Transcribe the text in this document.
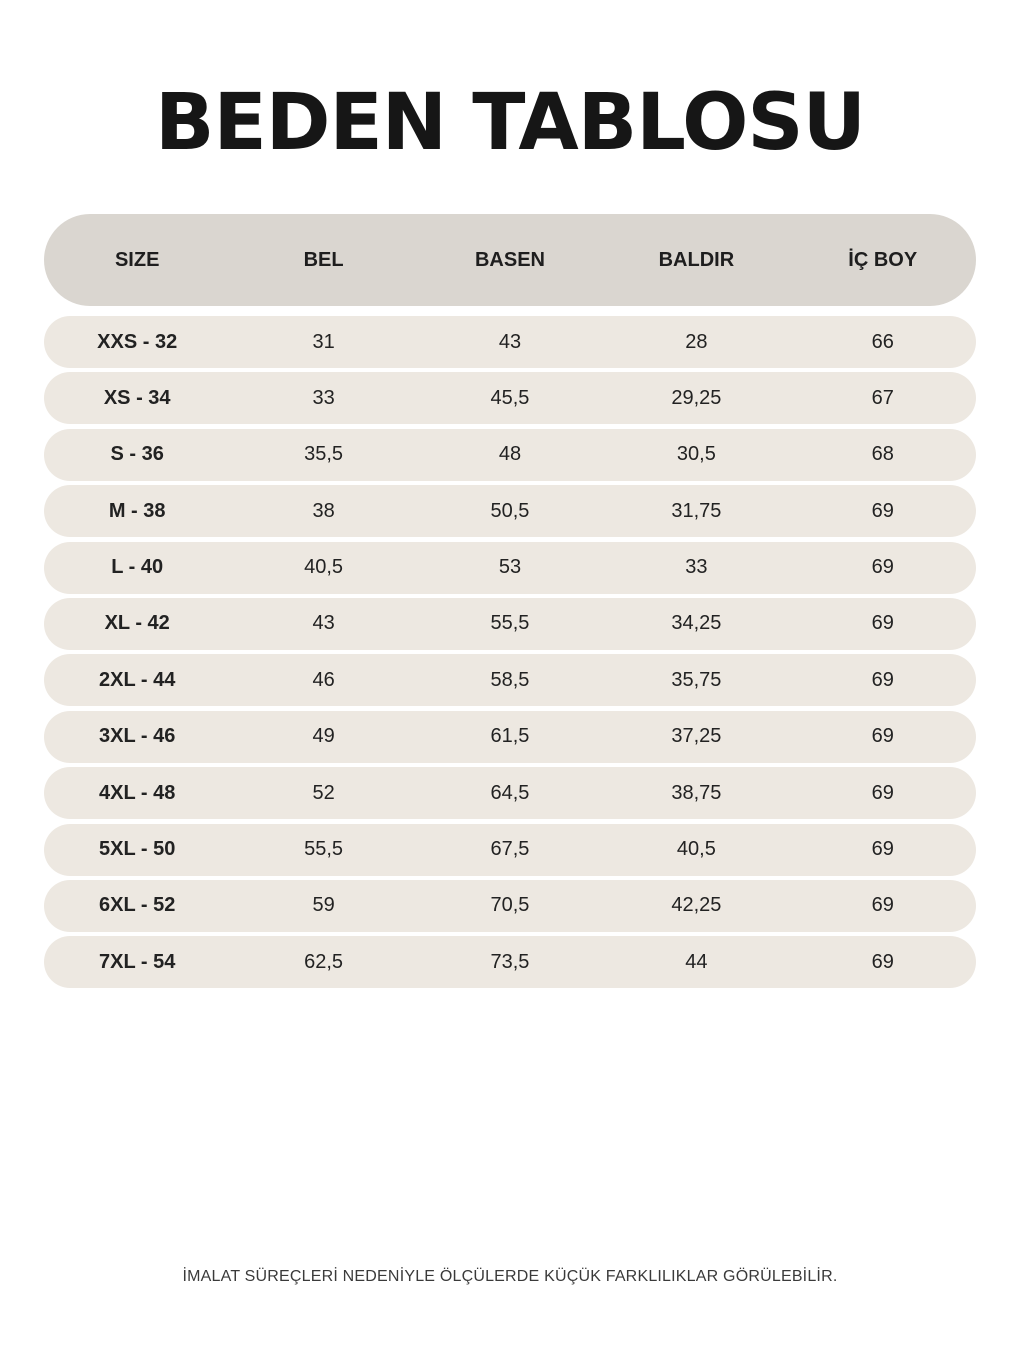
BEDEN TABLOSU
SIZE	BEL	BASEN	BALDIR	İÇ BOY
XXS - 32	31	43	28	66
XS - 34	33	45,5	29,25	67
S - 36	35,5	48	30,5	68
M - 38	38	50,5	31,75	69
L - 40	40,5	53	33	69
XL - 42	43	55,5	34,25	69
2XL - 44	46	58,5	35,75	69
3XL - 46	49	61,5	37,25	69
4XL - 48	52	64,5	38,75	69
5XL - 50	55,5	67,5	40,5	69
6XL - 52	59	70,5	42,25	69
7XL - 54	62,5	73,5	44	69
İMALAT SÜREÇLERİ NEDENİYLE ÖLÇÜLERDE KÜÇÜK FARKLILIKLAR GÖRÜLEBİLİR.
